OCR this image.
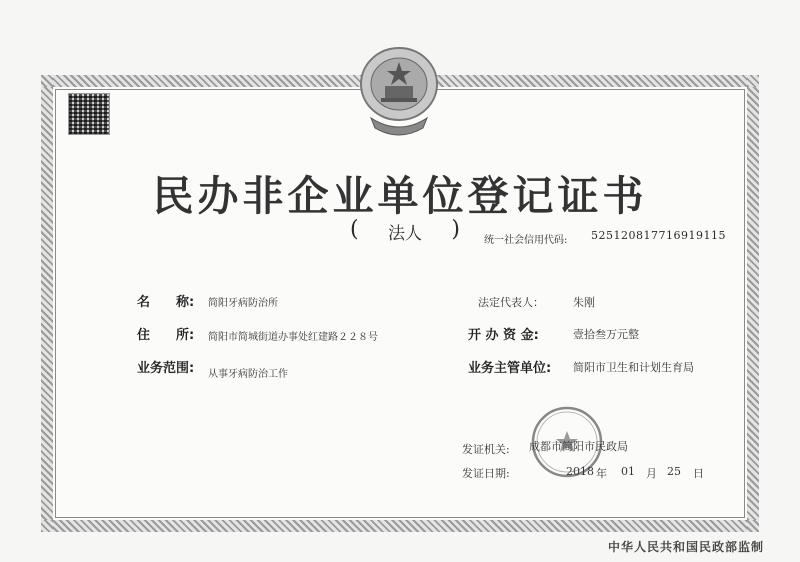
民办非企业单位登记证书
( 法人 ) 统一社会信用代码: 52512081771691911​5
名　　称: 简阳牙病防治所
住　　所: 简阳市简城街道办事处红建路２２８号
业务范围: 从事牙病防治工作
法定代表人：	朱刚
开 办 资 金:	壹拾叁万元整
业务主管单位: 简阳市卫生和计划生育局
发证机关: 成都市简阳市民政局
发证日期:	2018 年 01 月 25 日
中华人民共和国民政部监制
